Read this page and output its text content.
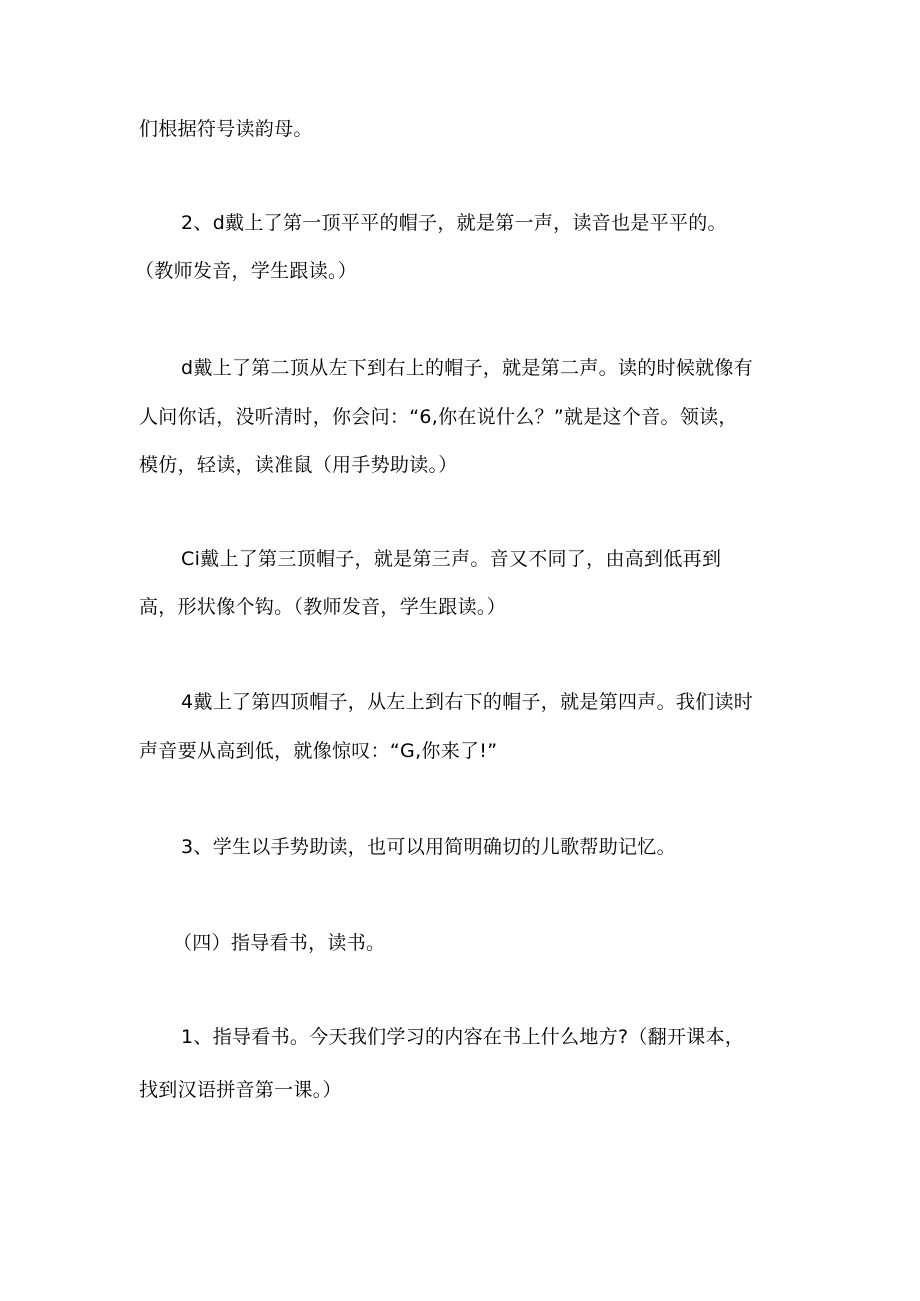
们根据符号读韵母。
2、d戴上了第一顶平平的帽子，就是第一声，读音也是平平的。
（教师发音，学生跟读。）
d戴上了第二顶从左下到右上的帽子，就是第二声。读的时候就像有
人问你话，没听清时，你会问：“6,你在说什么？”就是这个音。领读，
模仿，轻读，读准鼠（用手势助读。）
Ci戴上了第三顶帽子，就是第三声。音又不同了，由高到低再到
高，形状像个钩。（教师发音，学生跟读。）
4戴上了第四顶帽子，从左上到右下的帽子，就是第四声。我们读时
声音要从高到低，就像惊叹：“G,你来了!”
3、学生以手势助读，也可以用简明确切的儿歌帮助记忆。
（四）指导看书，读书。
1、指导看书。今天我们学习的内容在书上什么地方?（翻开课本，
找到汉语拼音第一课。）
